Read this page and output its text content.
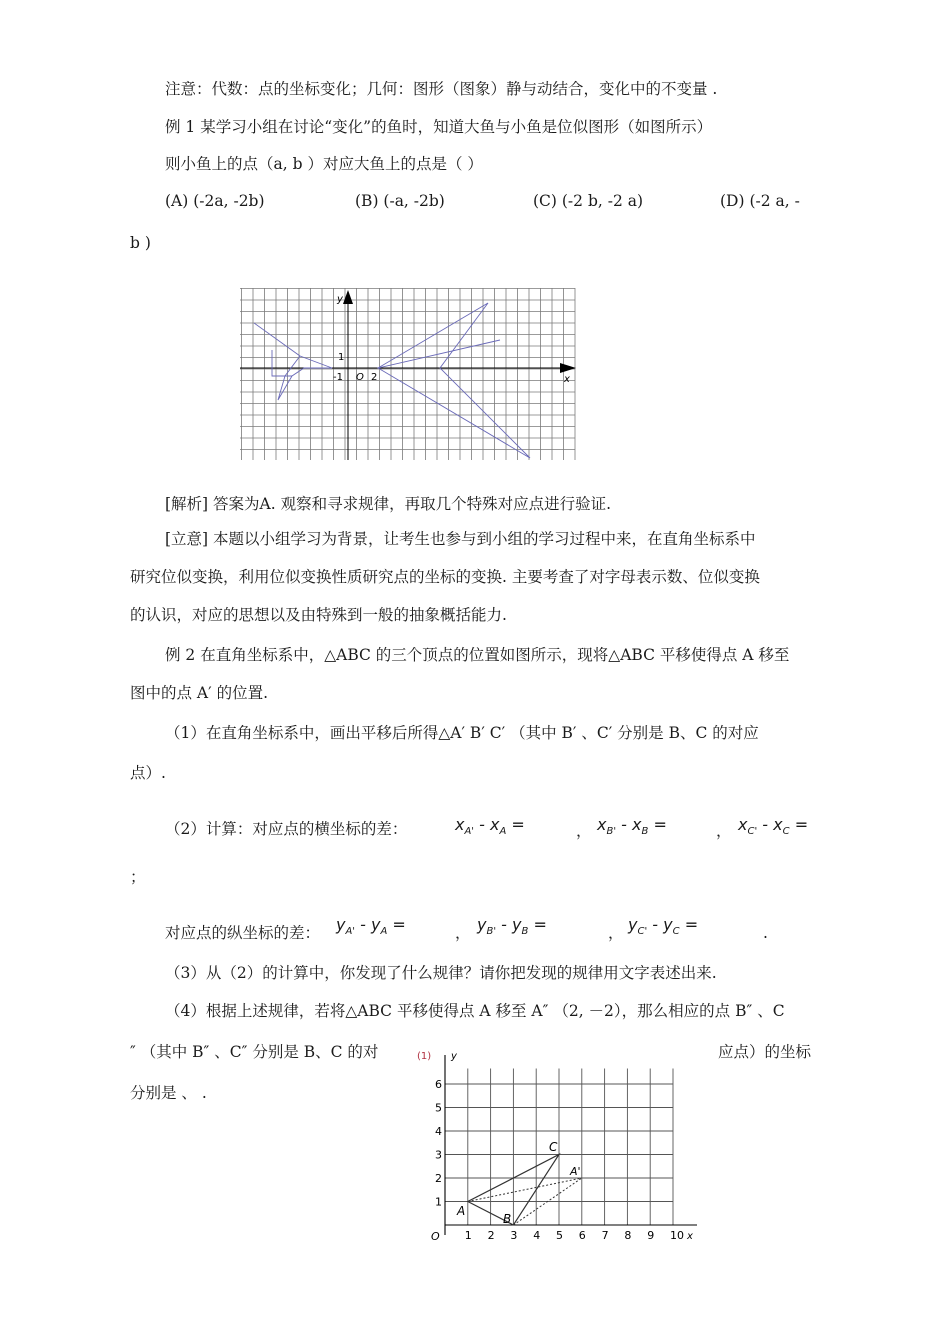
注意：代数：点的坐标变化；几何：图形（图象）静与动结合，变化中的不变量 .
例 1 某学习小组在讨论“变化”的鱼时，知道大鱼与小鱼是位似图形（如图所示）
则小鱼上的点（a, b ）对应大鱼上的点是（ ）
(A) (-2a, -2b)	(B) (-a, -2b)	(C) (-2 b, -2 a)	(D) (-2 a, -
b )
y
x
1
-1 O 2
[解析] 答案为A. 观察和寻求规律，再取几个特殊对应点进行验证.
[立意] 本题以小组学习为背景，让考生也参与到小组的学习过程中来，在直角坐标系中
研究位似变换，利用位似变换性质研究点的坐标的变换. 主要考查了对字母表示数、位似变换
的认识，对应的思想以及由特殊到一般的抽象概括能力.
例 2 在直角坐标系中，△ABC 的三个顶点的位置如图所示，现将△ABC 平移使得点 A 移至
图中的点 A′ 的位置.
（1）在直角坐标系中，画出平移后所得△A′ B′ C′ （其中 B′ 、C′ 分别是 B、C 的对应
点）.
（2）计算：对应点的横坐标的差：	$x_{A'} - x_A$ =	， $x_{B'} - x_B$ =	， $x_{C'} - x_C$ =
；
对应点的纵坐标的差： $y_{A'} - y_A$ =	， $y_{B'} - y_B$ =	， $y_{C'} - y_C$ =	.
（3）从（2）的计算中，你发现了什么规律？请你把发现的规律用文字表述出来.
（4）根据上述规律，若将△ABC 平移使得点 A 移至 A″ （2, －2），那么相应的点 B″ 、C
″ （其中 B″ 、C″ 分别是 B、C 的对	应点）的坐标
分别是 、 .
(1) y
x
O 1 2 3 4 5 6 7 8 9 10
1
2
3
4
5
6
A
B
C
A'
